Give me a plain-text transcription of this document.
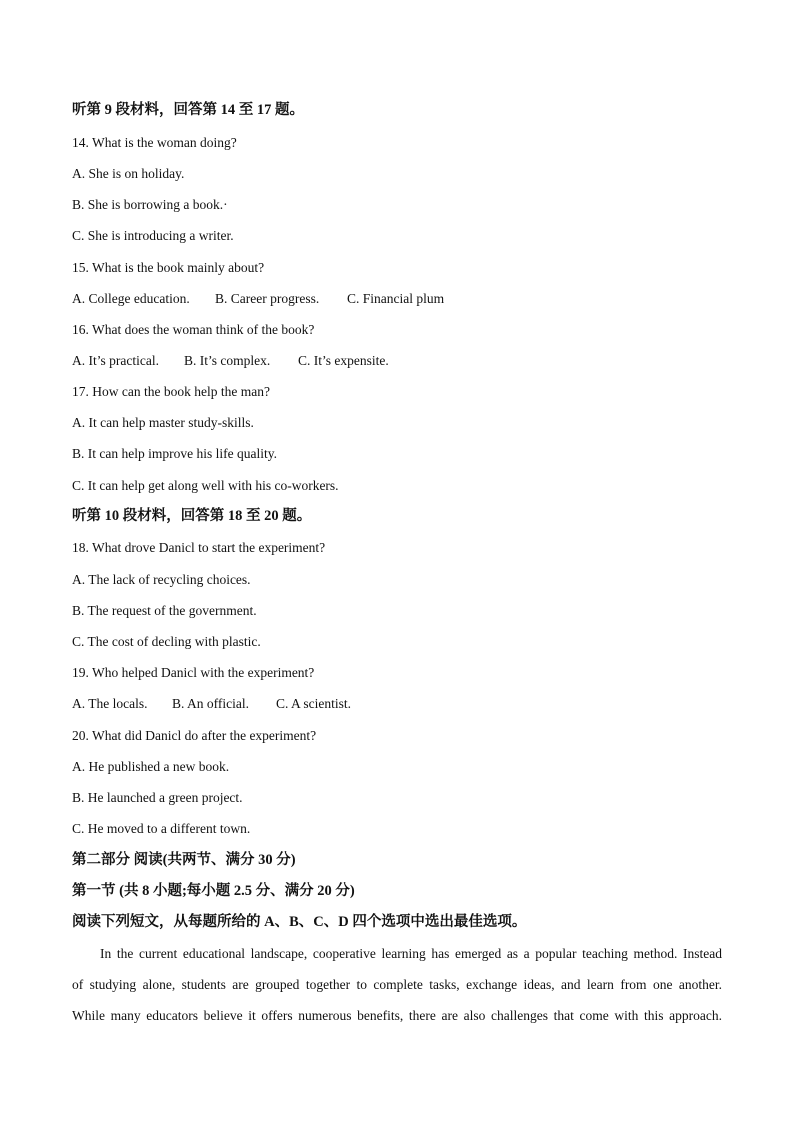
听第 9 段材料，回答第 14 至 17 题。
14. What is the woman doing?
A. She is on holiday.
B. She is borrowing a book.·
C. She is introducing a writer.
15. What is the book mainly about?
A. College education. B. Career progress. C. Financial plum
16. What does the woman think of the book?
A. It’s practical. B. It’s complex. C. It’s expensite.
17. How can the book help the man?
A. It can help master study-skills.
B. It can help improve his life quality.
C. It can help get along well with his co-workers.
听第 10 段材料，回答第 18 至 20 题。
18. What drove Danicl to start the experiment?
A. The lack of recycling choices.
B. The request of the government.
C. The cost of decling with plastic.
19. Who helped Danicl with the experiment?
A. The locals. B. An official. C. A scientist.
20. What did Danicl do after the experiment?
A. He published a new book.
B. He launched a green project.
C. He moved to a different town.
第二部分 阅读(共两节、满分 30 分)
第一节 (共 8 小题;每小题 2.5 分、满分 20 分)
阅读下列短文，从每题所给的 A、B、C、D 四个选项中选出最佳选项。

In the current educational landscape, cooperative learning has emerged as a popular teaching method. Instead

of studying alone, students are grouped together to complete tasks, exchange ideas, and learn from one another.

While many educators believe it offers numerous benefits, there are also challenges that come with this approach.
